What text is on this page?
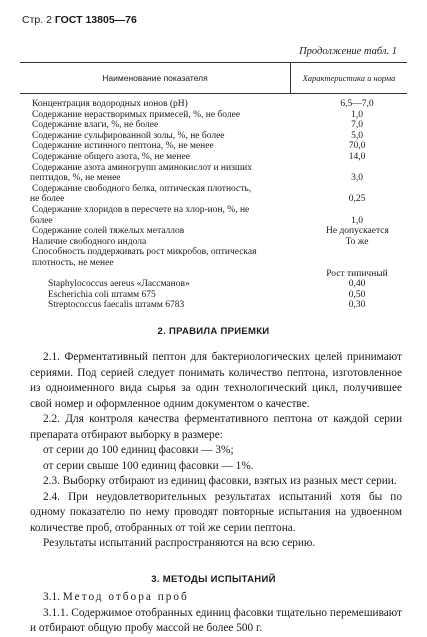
Стр. 2 ГОСТ 13805—76
Продолжение табл. 1
Наименование показателя	Характеристика и норма
Концентрация водородных ионов (рН)	6,5—7,0
Содержание нерастворимых примесей, %, не более	1,0
Содержание влаги, %, не более	7,0
Содержание сульфированной золы, %, не более	5,0
Содержание истинного пептона, %, не менее	70,0
Содержание общего азота, %, не менее	14,0
Содержание азота аминогрупп аминокислот и низших
пептидов, %, не менее	3,0
Содержание свободного белка, оптическая плотность,
не более	0,25
Содержание хлоридов в пересчете на хлор-ион, %, не
более	1,0
Содержание солей тяжелых металлов	Не допускается
Наличие свободного индола	То же
Способность поддерживать рост микробов, оптическая плотность, не менее
Рост типичный
Staphylococcus aereus «Лассманов»	0,40
Escherichia coli штамм 675	0,50
Streptococcus faecalis штамм 6783	0,30
2. ПРАВИЛА ПРИЕМКИ

2.1. Ферментативный пептон для бактериологических целей принимают сериями. Под серией следует понимать количество пептона, изготовленное из одноименного вида сырья за один технологический цикл, получившее свой номер и оформленное одним документом о качестве.

2.2. Для контроля качества ферментативного пептона от каждой серии препарата отбирают выборку в размере:

от серии до 100 единиц фасовки — 3%;

от серии свыше 100 единиц фасовки — 1%.

2.3. Выборку отбирают из единиц фасовки, взятых из разных мест серии.

2.4. При неудовлетворительных результатах испытаний хотя бы по одному показателю по нему проводят повторные испытания на удвоенном количестве проб, отобранных от той же серии пептона.

Результаты испытаний распространяются на всю серию.

3. МЕТОДЫ ИСПЫТАНИЙ

3.1. Метод отбора проб

3.1.1. Содержимое отобранных единиц фасовки тщательно перемешивают и отбирают общую пробу массой не более 500 г.
